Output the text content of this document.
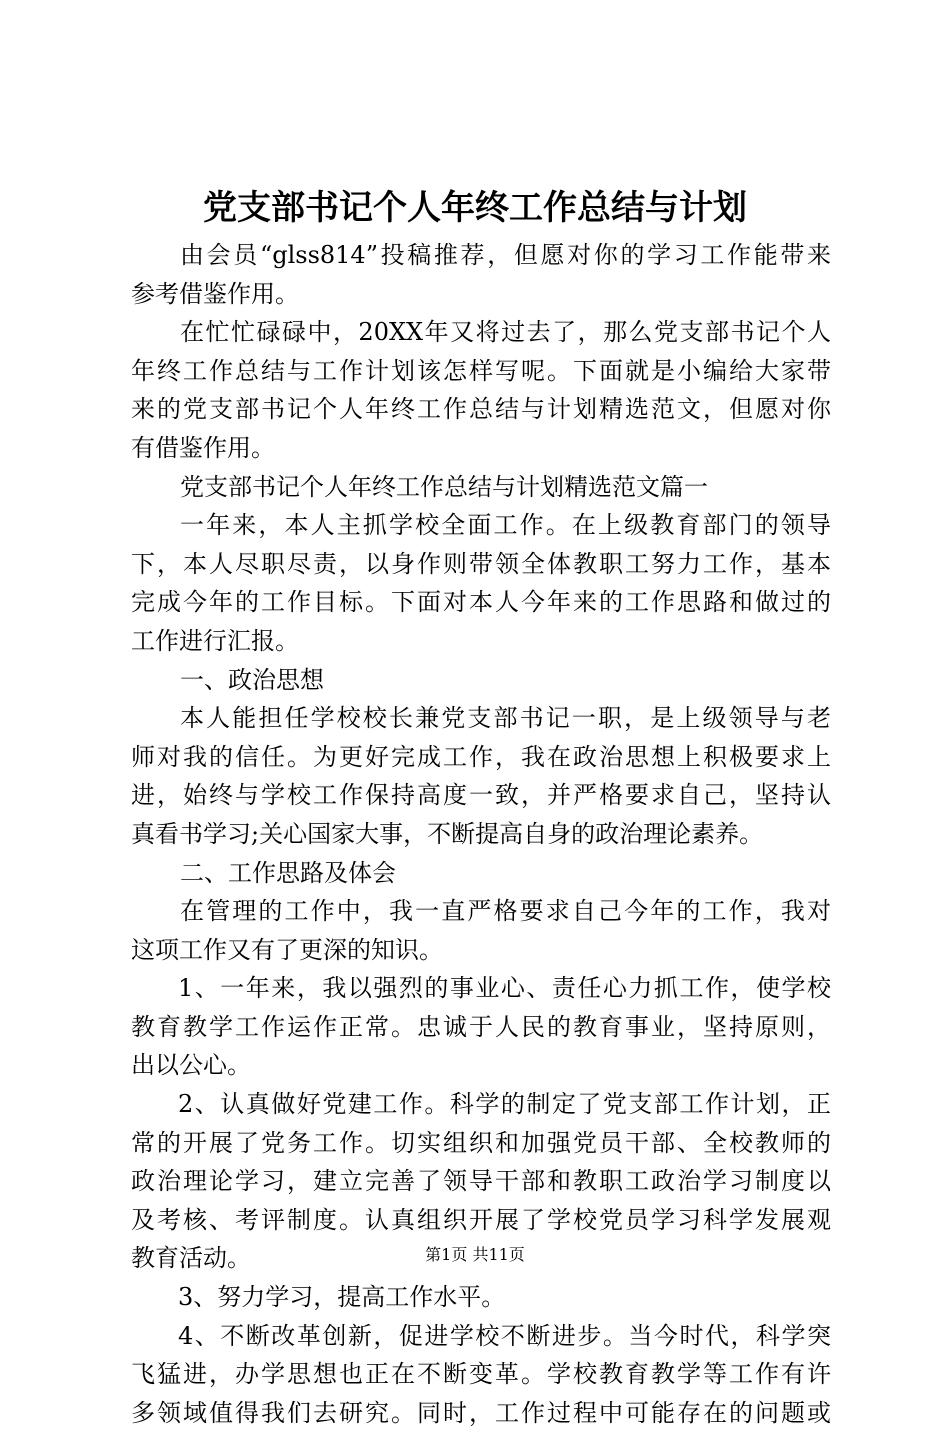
党支部书记个人年终工作总结与计划
由会员“glss814”投稿推荐，但愿对你的学习工作能带来
参考借鉴作用。
在忙忙碌碌中，20XX年又将过去了，那么党支部书记个人
年终工作总结与工作计划该怎样写呢。下面就是小编给大家带
来的党支部书记个人年终工作总结与计划精选范文，但愿对你
有借鉴作用。
党支部书记个人年终工作总结与计划精选范文篇一
一年来，本人主抓学校全面工作。在上级教育部门的领导
下，本人尽职尽责，以身作则带领全体教职工努力工作，基本
完成今年的工作目标。下面对本人今年来的工作思路和做过的
工作进行汇报。
一、政治思想
本人能担任学校校长兼党支部书记一职，是上级领导与老
师对我的信任。为更好完成工作，我在政治思想上积极要求上
进，始终与学校工作保持高度一致，并严格要求自己，坚持认
真看书学习;关心国家大事，不断提高自身的政治理论素养。
二、工作思路及体会
在管理的工作中，我一直严格要求自己今年的工作，我对
这项工作又有了更深的知识。
1、一年来，我以强烈的事业心、责任心力抓工作，使学校
教育教学工作运作正常。忠诚于人民的教育事业，坚持原则，
出以公心。
2、认真做好党建工作。科学的制定了党支部工作计划，正
常的开展了党务工作。切实组织和加强党员干部、全校教师的
政治理论学习，建立完善了领导干部和教职工政治学习制度以
及考核、考评制度。认真组织开展了学校党员学习科学发展观
教育活动。
3、努力学习，提高工作水平。
4、不断改革创新，促进学校不断进步。当今时代，科学突
飞猛进，办学思想也正在不断变革。学校教育教学等工作有许
多领域值得我们去研究。同时，工作过程中可能存在的问题或
第1页 共11页
